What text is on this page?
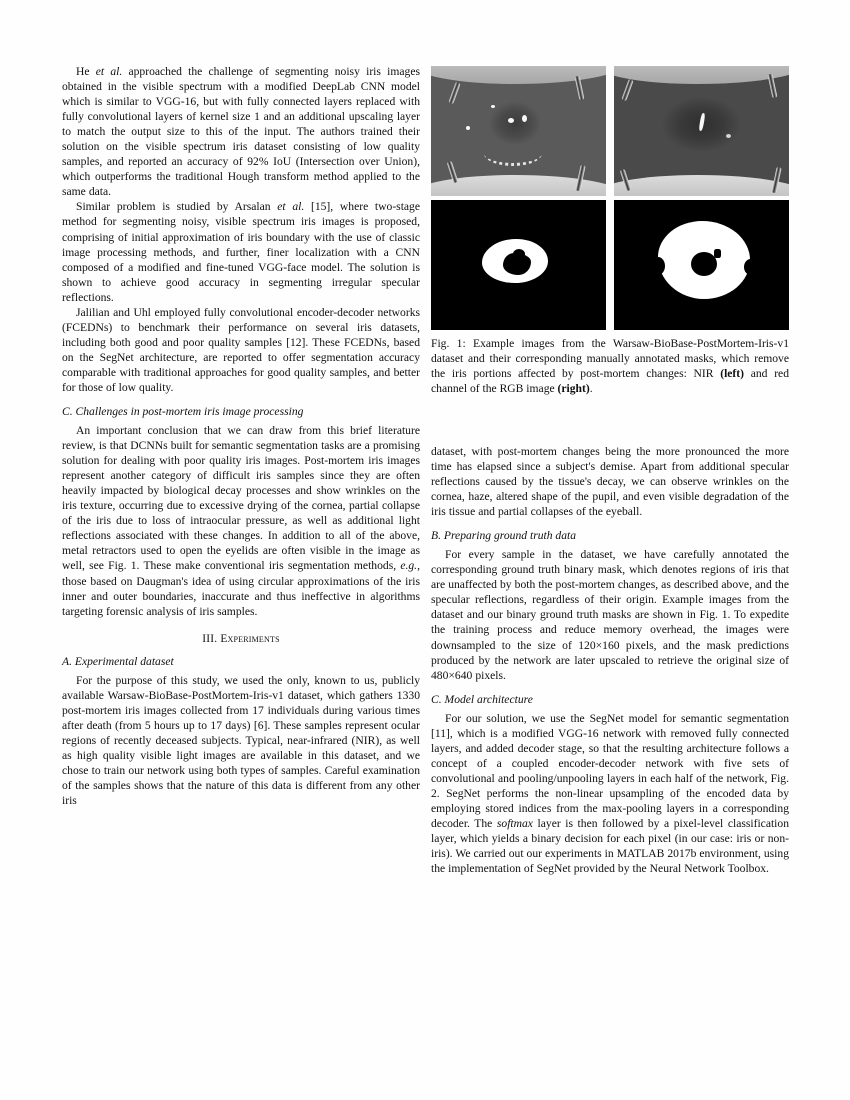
He et al. approached the challenge of segmenting noisy iris images obtained in the visible spectrum with a modified DeepLab CNN model which is similar to VGG-16, but with fully connected layers replaced with fully convolutional layers of kernel size 1 and an additional upscaling layer to match the output size to this of the input. The authors trained their solution on the visible spectrum iris dataset consisting of low quality samples, and reported an accuracy of 92% IoU (Intersection over Union), which outperforms the traditional Hough transform method applied to the same data.

Similar problem is studied by Arsalan et al. [15], where two-stage method for segmenting noisy, visible spectrum iris images is proposed, comprising of initial approximation of iris boundary with the use of classic image processing methods, and further, finer localization with a CNN composed of a modified and fine-tuned VGG-face model. The solution is shown to achieve good accuracy in segmenting irregular specular reflections.

Jalilian and Uhl employed fully convolutional encoder-decoder networks (FCEDNs) to benchmark their performance on several iris datasets, including both good and poor quality samples [12]. These FCEDNs, based on the SegNet architecture, are reported to offer segmentation accuracy comparable with traditional approaches for good quality samples, and better for those of low quality.

C. Challenges in post-mortem iris image processing

An important conclusion that we can draw from this brief literature review, is that DCNNs built for semantic segmentation tasks are a promising solution for dealing with poor quality iris images. Post-mortem iris images represent another category of difficult iris samples since they are often heavily impacted by biological decay processes and show wrinkles on the iris texture, occurring due to excessive drying of the cornea, partial collapse of the iris due to loss of intraocular pressure, as well as additional light reflections associated with these changes. In addition to all of the above, metal retractors used to open the eyelids are often visible in the image as well, see Fig. 1. These make conventional iris segmentation methods, e.g., those based on Daugman's idea of using circular approximations of the iris inner and outer boundaries, inaccurate and thus ineffective in algorithms targeting forensic analysis of iris samples.

III. Experiments
A. Experimental dataset

For the purpose of this study, we used the only, known to us, publicly available Warsaw-BioBase-PostMortem-Iris-v1 dataset, which gathers 1330 post-mortem iris images collected from 17 individuals during various times after death (from 5 hours up to 17 days) [6]. These samples represent ocular regions of recently deceased subjects. Typical, near-infrared (NIR), as well as high quality visible light images are available in this dataset, and we chose to train our network using both types of samples. Careful examination of the samples shows that the nature of this data is different from any other iris

Fig. 1: Example images from the Warsaw-BioBase-PostMortem-Iris-v1 dataset and their corresponding manually annotated masks, which remove the iris portions affected by post-mortem changes: NIR (left) and red channel of the RGB image (right).

dataset, with post-mortem changes being the more pronounced the more time has elapsed since a subject's demise. Apart from additional specular reflections caused by the tissue's decay, we can observe wrinkles on the cornea, haze, altered shape of the pupil, and even visible degradation of the iris tissue and partial collapses of the eyeball.

B. Preparing ground truth data

For every sample in the dataset, we have carefully annotated the corresponding ground truth binary mask, which denotes regions of iris that are unaffected by both the post-mortem changes, as described above, and the specular reflections, regardless of their origin. Example images from the dataset and our binary ground truth masks are shown in Fig. 1. To expedite the training process and reduce memory overhead, the images were downsampled to the size of 120×160 pixels, and the mask predictions produced by the network are later upscaled to retrieve the original size of 480×640 pixels.

C. Model architecture

For our solution, we use the SegNet model for semantic segmentation [11], which is a modified VGG-16 network with removed fully connected layers, and added decoder stage, so that the resulting architecture follows a concept of a coupled encoder-decoder network with five sets of convolutional and pooling/unpooling layers in each half of the network, Fig. 2. SegNet performs the non-linear upsampling of the encoded data by employing stored indices from the max-pooling layers in a corresponding decoder. The softmax layer is then followed by a pixel-level classification layer, which yields a binary decision for each pixel (in our case: iris or non-iris). We carried out our experiments in MATLAB 2017b environment, using the implementation of SegNet provided by the Neural Network Toolbox.
